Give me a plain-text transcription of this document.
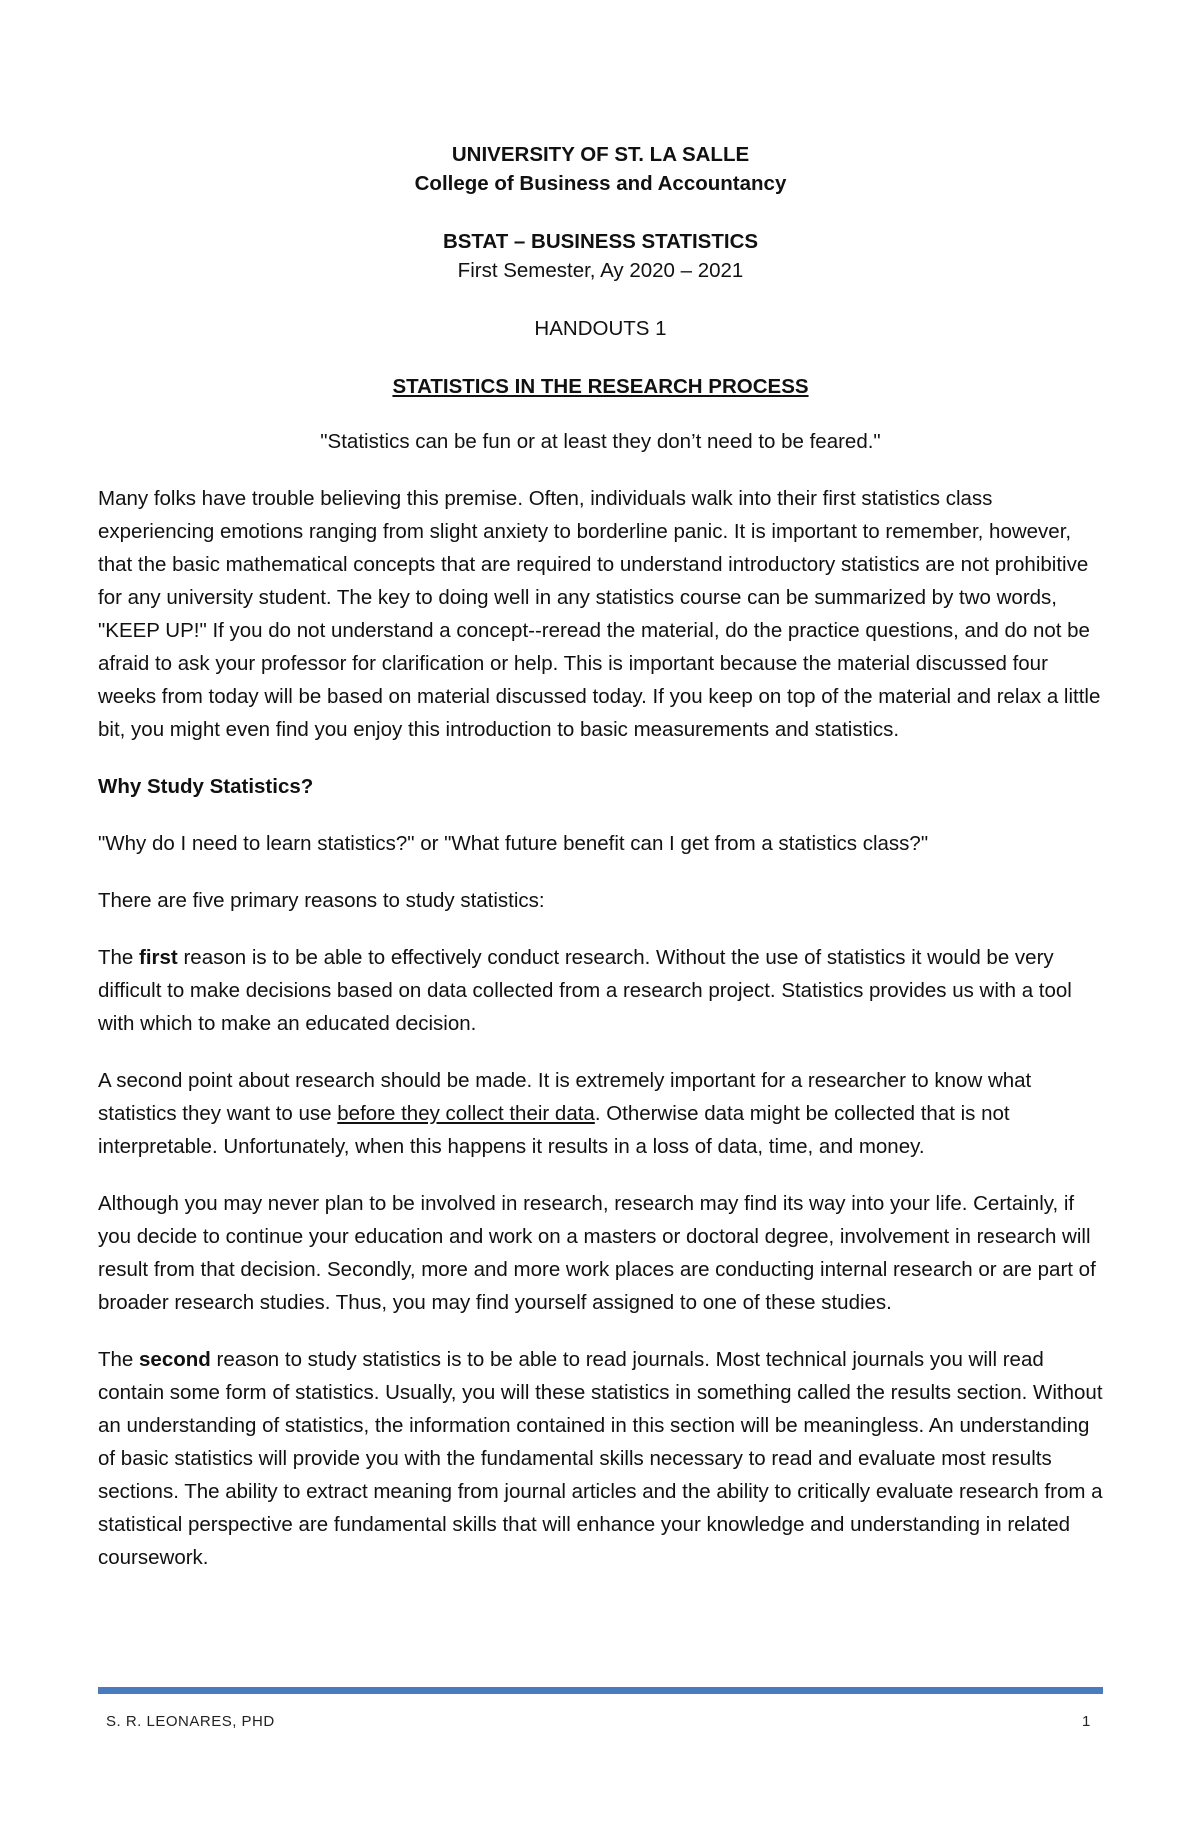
UNIVERSITY OF ST. LA SALLE
College of Business and Accountancy
BSTAT – BUSINESS STATISTICS
First Semester, Ay 2020 – 2021
HANDOUTS 1
STATISTICS IN THE RESEARCH PROCESS
"Statistics can be fun or at least they don’t need to be feared."

Many folks have trouble believing this premise. Often, individuals walk into their first statistics class experiencing emotions ranging from slight anxiety to borderline panic. It is important to remember, however, that the basic mathematical concepts that are required to understand introductory statistics are not prohibitive for any university student. The key to doing well in any statistics course can be summarized by two words, "KEEP UP!" If you do not understand a concept--reread the material, do the practice questions, and do not be afraid to ask your professor for clarification or help. This is important because the material discussed four weeks from today will be based on material discussed today. If you keep on top of the material and relax a little bit, you might even find you enjoy this introduction to basic measurements and statistics.

Why Study Statistics?

"Why do I need to learn statistics?" or "What future benefit can I get from a statistics class?"

There are five primary reasons to study statistics:

The first reason is to be able to effectively conduct research. Without the use of statistics it would be very difficult to make decisions based on data collected from a research project. Statistics provides us with a tool with which to make an educated decision.

A second point about research should be made. It is extremely important for a researcher to know what statistics they want to use before they collect their data. Otherwise data might be collected that is not interpretable. Unfortunately, when this happens it results in a loss of data, time, and money.

Although you may never plan to be involved in research, research may find its way into your life. Certainly, if you decide to continue your education and work on a masters or doctoral degree, involvement in research will result from that decision. Secondly, more and more work places are conducting internal research or are part of broader research studies. Thus, you may find yourself assigned to one of these studies.

The second reason to study statistics is to be able to read journals. Most technical journals you will read contain some form of statistics. Usually, you will these statistics in something called the results section. Without an understanding of statistics, the information contained in this section will be meaningless. An understanding of basic statistics will provide you with the fundamental skills necessary to read and evaluate most results sections. The ability to extract meaning from journal articles and the ability to critically evaluate research from a statistical perspective are fundamental skills that will enhance your knowledge and understanding in related coursework.

S. R. LEONARES, PHD	1
